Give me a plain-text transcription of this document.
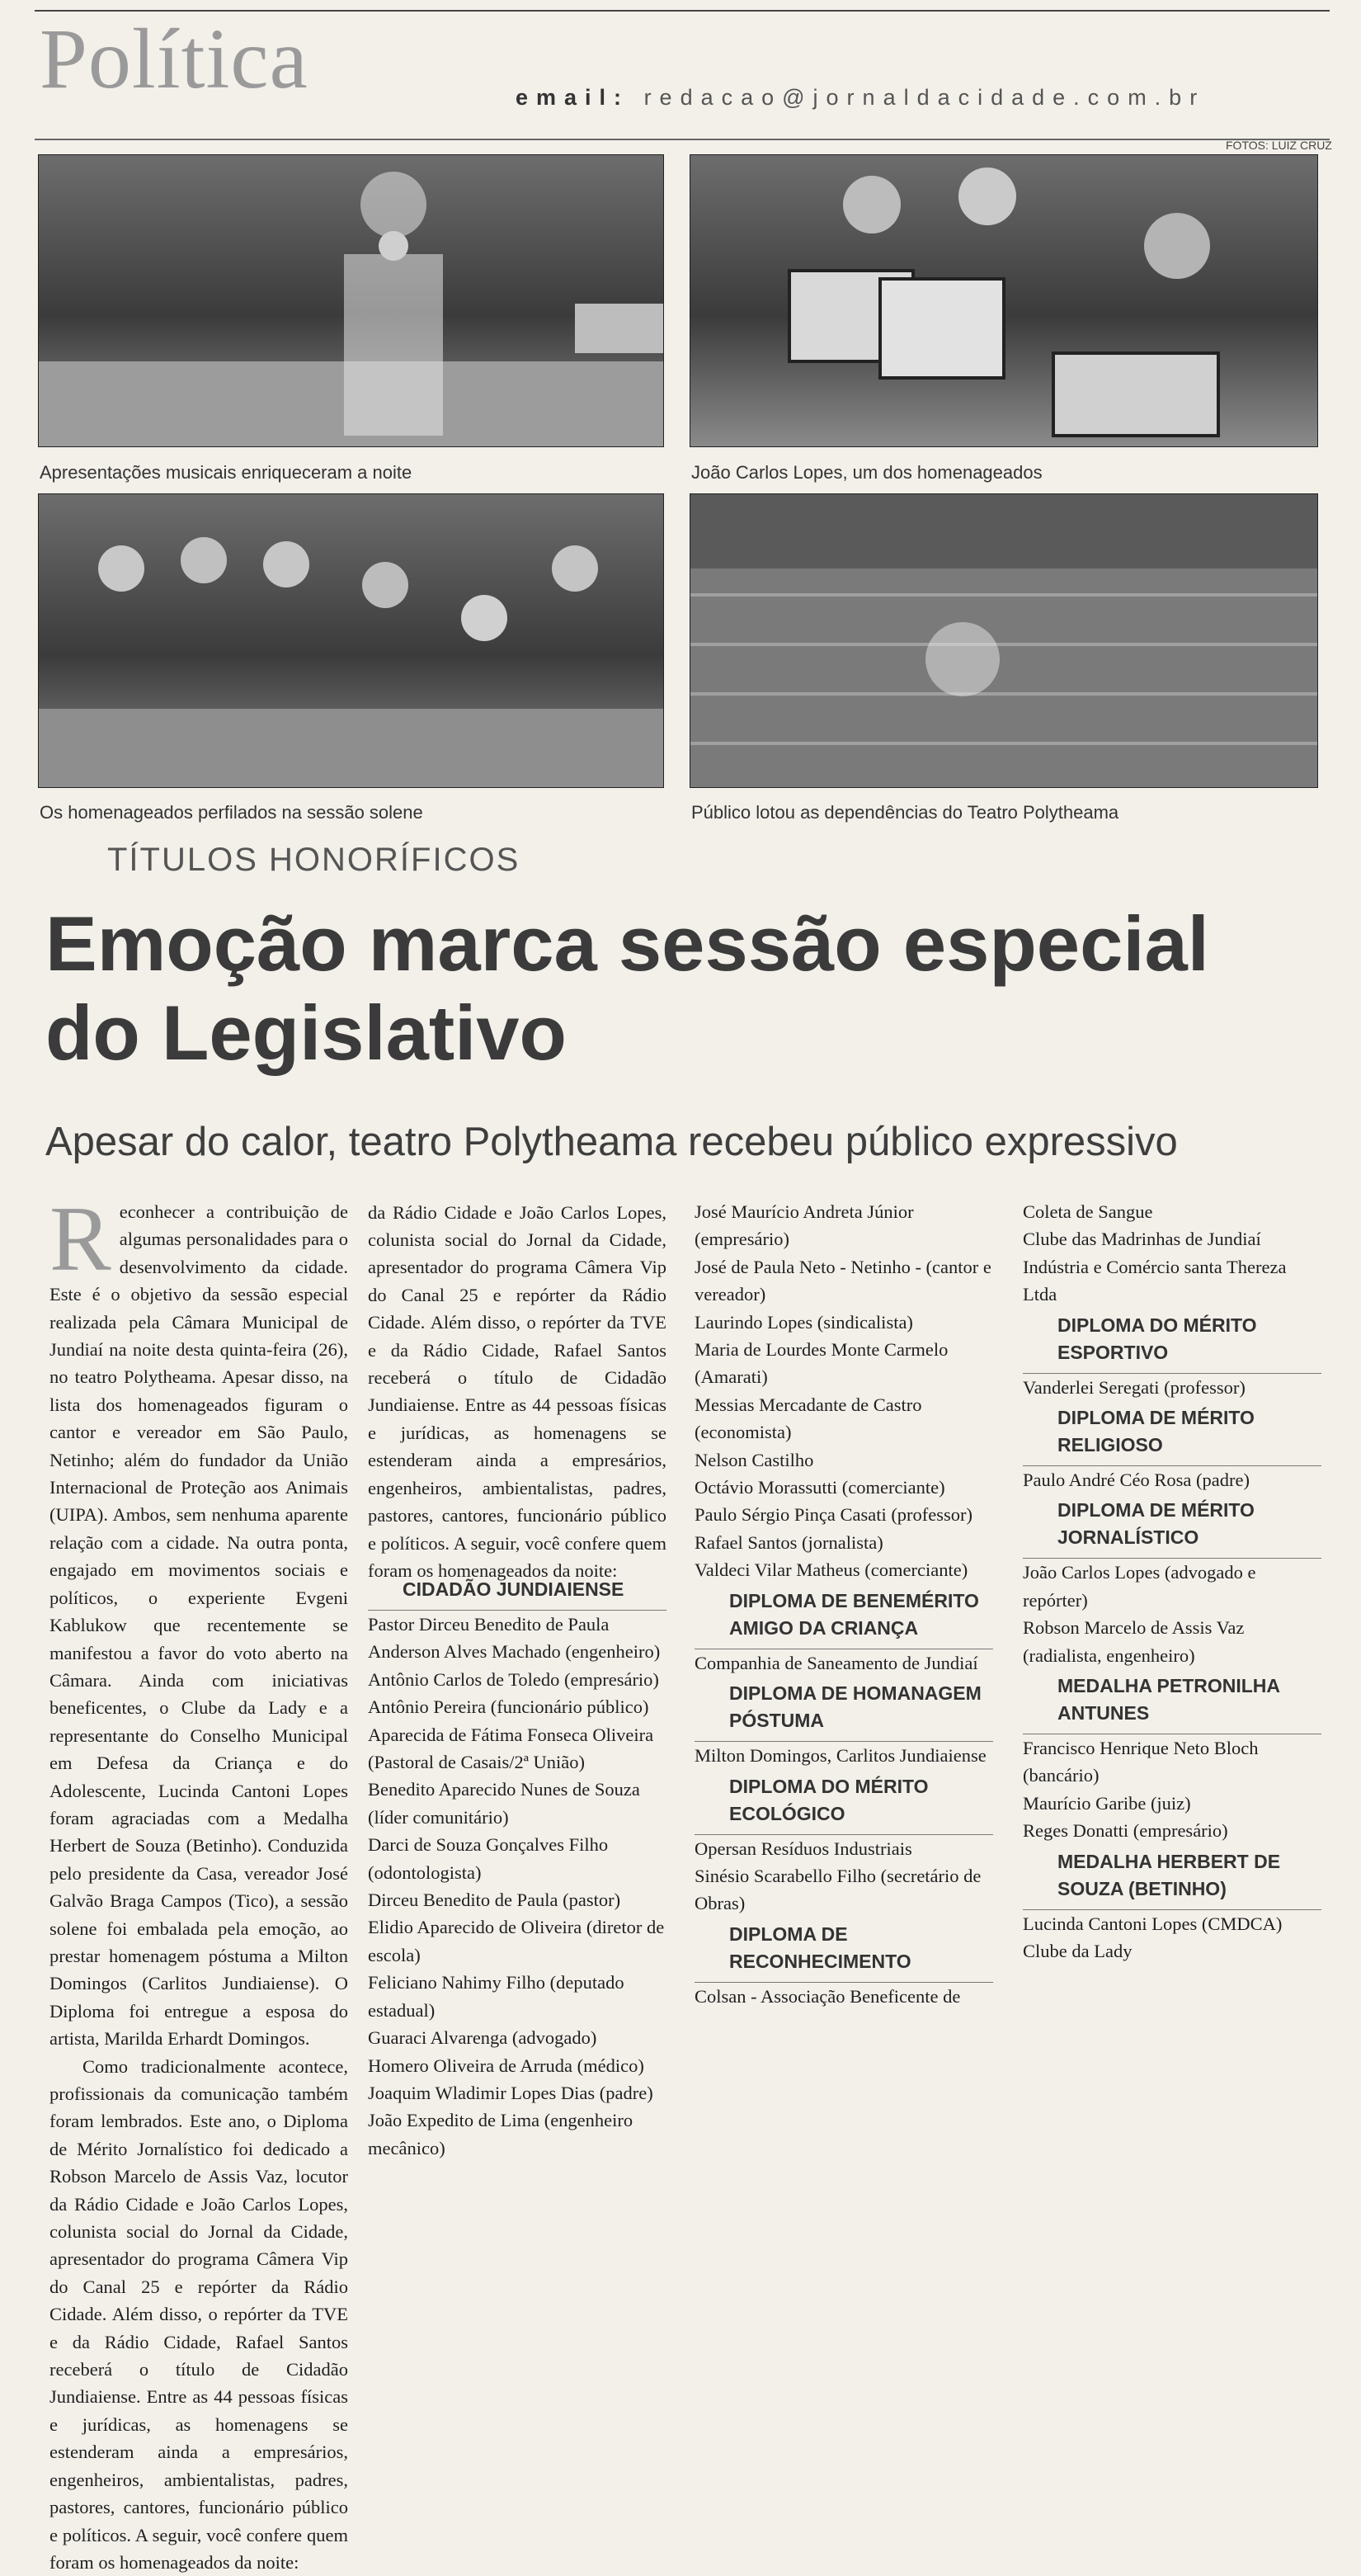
Política	email: redacao@jornaldacidade.com.br
FOTOS: LUIZ CRUZ
Apresentações musicais enriqueceram a noite	João Carlos Lopes, um dos homenageados
Os homenageados perfilados na sessão solene	Público lotou as dependências do Teatro Polytheama
TÍTULOS HONORÍFICOS
Emoção marca sessão especial do Legislativo
Apesar do calor, teatro Polytheama recebeu público expressivo

Reconhecer a contribuição de algumas personalidades para o desenvolvimento da cidade. Este é o objetivo da sessão especial realizada pela Câmara Municipal de Jundiaí na noite desta quinta-feira (26), no teatro Polytheama. Apesar disso, na lista dos homenageados figuram o cantor e vereador em São Paulo, Netinho; além do fundador da União Internacional de Proteção aos Animais (UIPA). Ambos, sem nenhuma aparente relação com a cidade. Na outra ponta, engajado em movimentos sociais e políticos, o experiente Evgeni Kablukow que recentemente se manifestou a favor do voto aberto na Câmara. Ainda com iniciativas beneficentes, o Clube da Lady e a representante do Conselho Municipal em Defesa da Criança e do Adolescente, Lucinda Cantoni Lopes foram agraciadas com a Medalha Herbert de Souza (Betinho). Conduzida pelo presidente da Casa, vereador José Galvão Braga Campos (Tico), a sessão solene foi embalada pela emoção, ao prestar homenagem póstuma a Milton Domingos (Carlitos Jundiaiense). O Diploma foi entregue a esposa do artista, Marilda Erhardt Domingos.

Como tradicionalmente acontece, profissionais da comunicação também foram lembrados. Este ano, o Diploma de Mérito Jornalístico foi dedicado a Robson Marcelo de Assis Vaz, locutor da Rádio Cidade e João Carlos Lopes, colunista social do Jornal da Cidade, apresentador do programa Câmera Vip do Canal 25 e repórter da Rádio Cidade. Além disso, o repórter da TVE e da Rádio Cidade, Rafael Santos receberá o título de Cidadão Jundiaiense. Entre as 44 pessoas físicas e jurídicas, as homenagens se estenderam ainda a empresários, engenheiros, ambientalistas, padres, pastores, cantores, funcionário público e políticos. A seguir, você confere quem foram os homenageados da noite:

da Rádio Cidade e João Carlos Lopes, colunista social do Jornal da Cidade, apresentador do programa Câmera Vip do Canal 25 e repórter da Rádio Cidade. Além disso, o repórter da TVE e da Rádio Cidade, Rafael Santos receberá o título de Cidadão Jundiaiense. Entre as 44 pessoas físicas e jurídicas, as homenagens se estenderam ainda a empresários, engenheiros, ambientalistas, padres, pastores, cantores, funcionário público e políticos. A seguir, você confere quem foram os homenageados da noite:

CIDADÃO JUNDIAIENSE
Pastor Dirceu Benedito de Paula
Anderson Alves Machado (engenheiro)
Antônio Carlos de Toledo (empresário)
Antônio Pereira (funcionário público)
Aparecida de Fátima Fonseca Oliveira (Pastoral de Casais/2ª União)
Benedito Aparecido Nunes de Souza (líder comunitário)
Darci de Souza Gonçalves Filho (odontologista)
Dirceu Benedito de Paula (pastor)
Elidio Aparecido de Oliveira (diretor de escola)
Feliciano Nahimy Filho (deputado estadual)
Guaraci Alvarenga (advogado)
Homero Oliveira de Arruda (médico)
Joaquim Wladimir Lopes Dias (padre)
João Expedito de Lima (engenheiro mecânico)
José Maurício Andreta Júnior (empresário)
José de Paula Neto - Netinho - (cantor e vereador)
Laurindo Lopes (sindicalista)
Maria de Lourdes Monte Carmelo (Amarati)
Messias Mercadante de Castro (economista)
Nelson Castilho
Octávio Morassutti (comerciante)
Paulo Sérgio Pinça Casati (professor)
Rafael Santos (jornalista)
Valdeci Vilar Matheus (comerciante)
DIPLOMA DE BENEMÉRITO AMIGO DA CRIANÇA
Companhia de Saneamento de Jundiaí
DIPLOMA DE HOMANAGEM PÓSTUMA
Milton Domingos, Carlitos Jundiaiense
DIPLOMA DO MÉRITO ECOLÓGICO
Opersan Resíduos Industriais
Sinésio Scarabello Filho (secretário de Obras)
DIPLOMA DE RECONHECIMENTO
Colsan - Associação Beneficente de
Coleta de Sangue
Clube das Madrinhas de Jundiaí
Indústria e Comércio santa Thereza Ltda
DIPLOMA DO MÉRITO ESPORTIVO
Vanderlei Seregati (professor)
DIPLOMA DE MÉRITO RELIGIOSO
Paulo André Céo Rosa (padre)
DIPLOMA DE MÉRITO JORNALÍSTICO
João Carlos Lopes (advogado e repórter)
Robson Marcelo de Assis Vaz (radialista, engenheiro)
MEDALHA PETRONILHA ANTUNES
Francisco Henrique Neto Bloch (bancário)
Maurício Garibe (juiz)
Reges Donatti (empresário)
MEDALHA HERBERT DE SOUZA (BETINHO)
Lucinda Cantoni Lopes (CMDCA)
Clube da Lady
